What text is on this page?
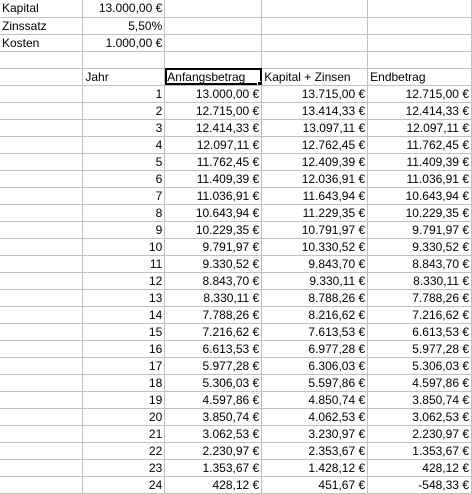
Kapital	13.000,00 €			
Zinssatz	5,50%			
Kosten	1.000,00 €			

	Jahr	Anfangsbetrag	Kapital + Zinsen	Endbetrag
	1	13.000,00 €	13.715,00 €	12.715,00 €
	2	12.715,00 €	13.414,33 €	12.414,33 €
	3	12.414,33 €	13.097,11 €	12.097,11 €
	4	12.097,11 €	12.762,45 €	11.762,45 €
	5	11.762,45 €	12.409,39 €	11.409,39 €
	6	11.409,39 €	12.036,91 €	11.036,91 €
	7	11.036,91 €	11.643,94 €	10.643,94 €
	8	10.643,94 €	11.229,35 €	10.229,35 €
	9	10.229,35 €	10.791,97 €	9.791,97 €
	10	9.791,97 €	10.330,52 €	9.330,52 €
	11	9.330,52 €	9.843,70 €	8.843,70 €
	12	8.843,70 €	9.330,11 €	8.330,11 €
	13	8.330,11 €	8.788,26 €	7.788,26 €
	14	7.788,26 €	8.216,62 €	7.216,62 €
	15	7.216,62 €	7.613,53 €	6.613,53 €
	16	6.613,53 €	6.977,28 €	5.977,28 €
	17	5.977,28 €	6.306,03 €	5.306,03 €
	18	5.306,03 €	5.597,86 €	4.597,86 €
	19	4.597,86 €	4.850,74 €	3.850,74 €
	20	3.850,74 €	4.062,53 €	3.062,53 €
	21	3.062,53 €	3.230,97 €	2.230,97 €
	22	2.230,97 €	2.353,67 €	1.353,67 €
	23	1.353,67 €	1.428,12 €	428,12 €
	24	428,12 €	451,67 €	-548,33 €
